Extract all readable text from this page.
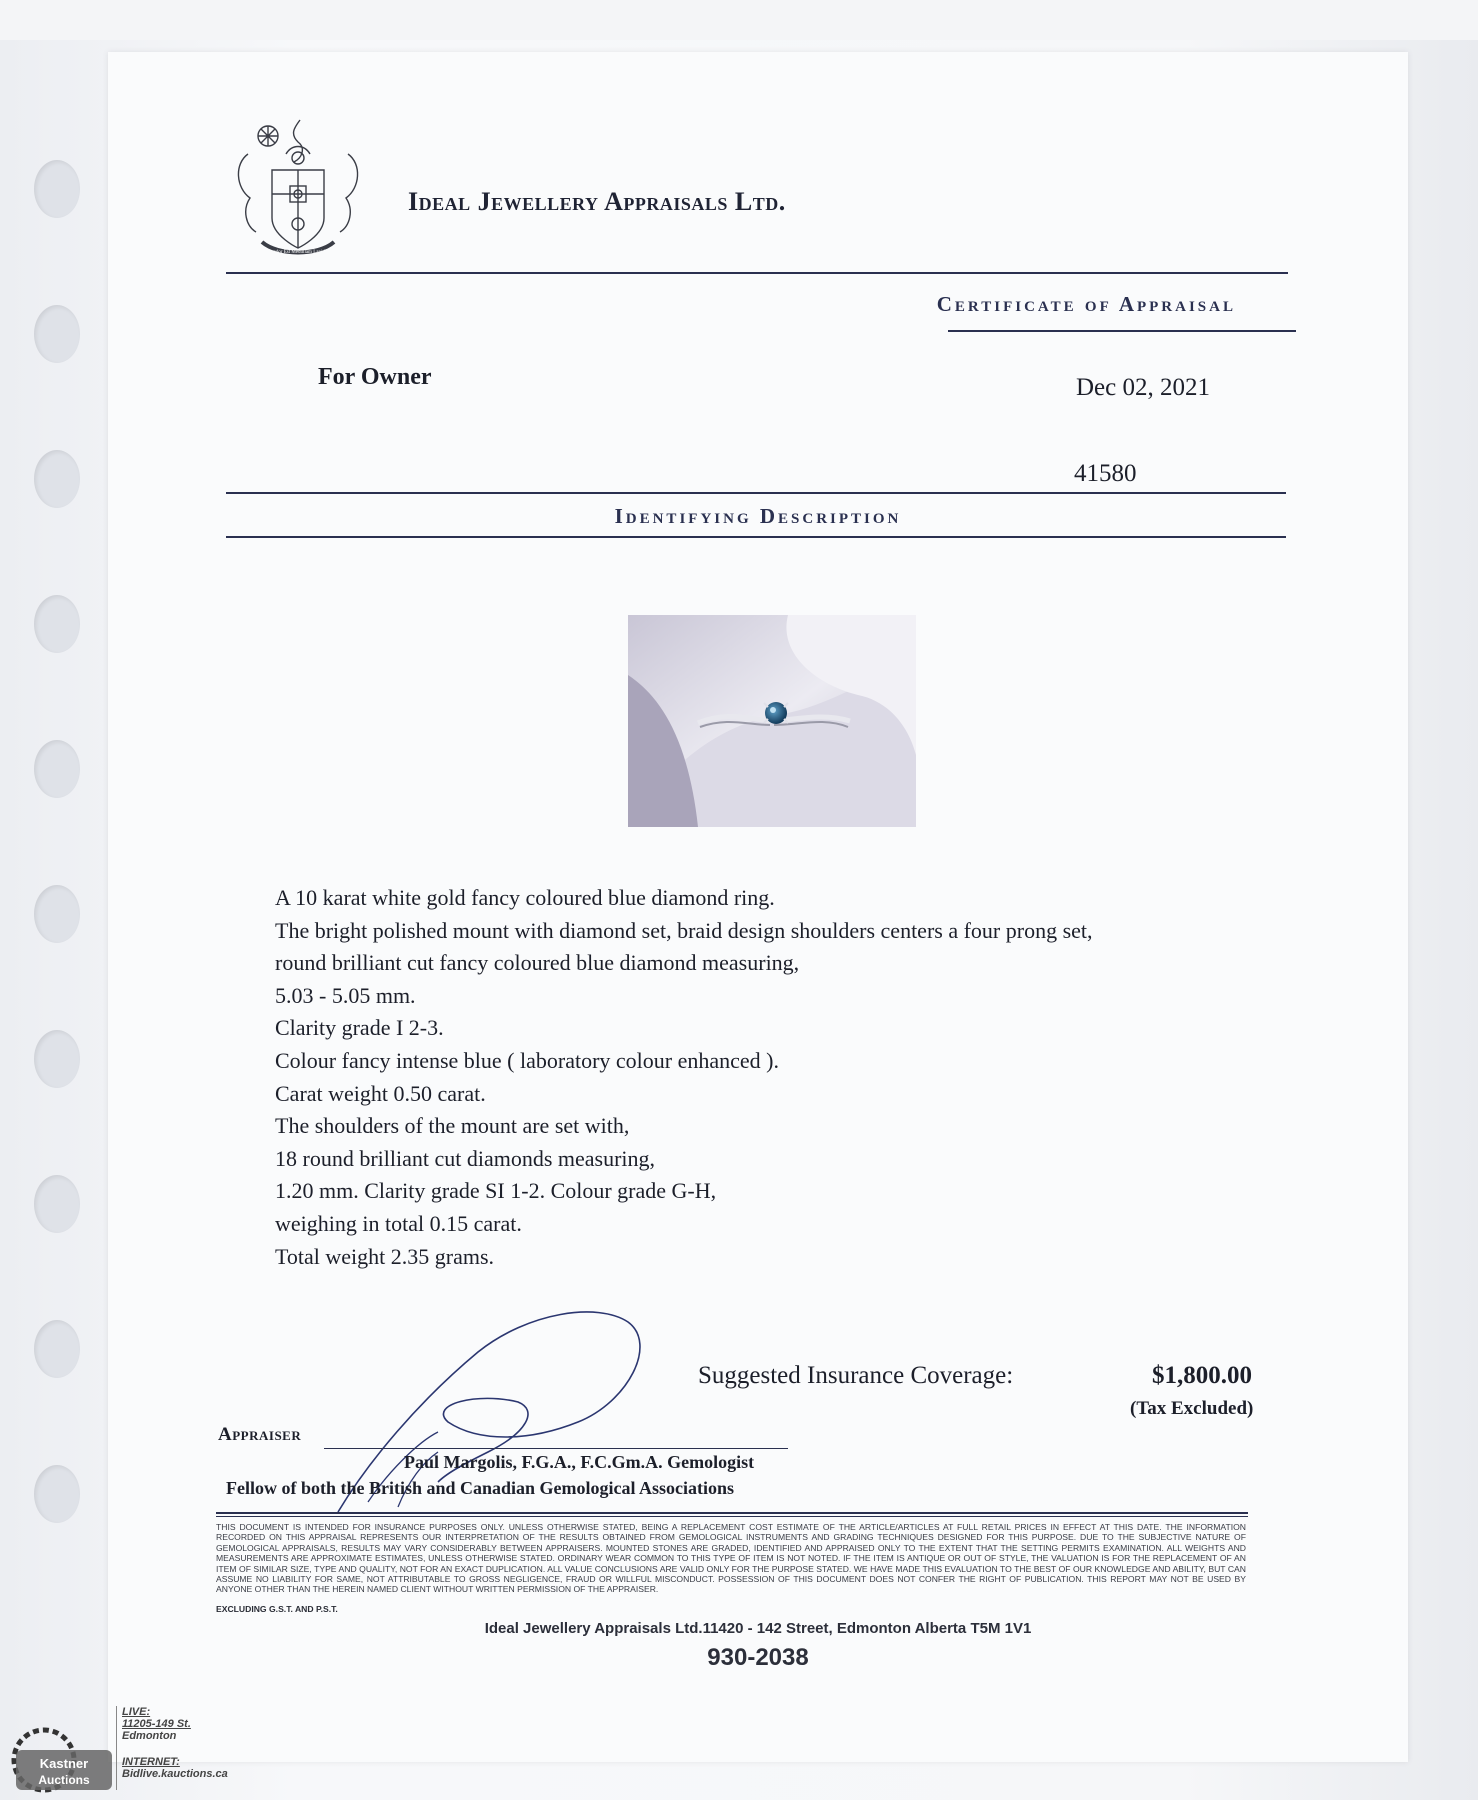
Candor Est Medullam Lapidis
Ideal Jewellery Appraisals Ltd.
Certificate of Appraisal
For Owner	Dec 02, 2021
41580
Identifying Description
A 10 karat white gold fancy coloured blue diamond ring.
The bright polished mount with diamond set, braid design shoulders centers a four prong set,
round brilliant cut fancy coloured blue diamond measuring,
5.03 - 5.05 mm.
Clarity grade I 2-3.
Colour fancy intense blue ( laboratory colour enhanced ).
Carat weight 0.50 carat.
The shoulders of the mount are set with,
18 round brilliant cut diamonds measuring,
1.20 mm. Clarity grade SI 1-2. Colour grade G-H,
weighing in total 0.15 carat.
Total weight 2.35 grams.
Suggested Insurance Coverage:	$1,800.00
(Tax Excluded)
Appraiser
Paul Margolis, F.G.A., F.C.Gm.A. Gemologist
Fellow of both the British and Canadian Gemological Associations
THIS DOCUMENT IS INTENDED FOR INSURANCE PURPOSES ONLY. UNLESS OTHERWISE STATED, BEING A REPLACEMENT COST ESTIMATE OF THE ARTICLE/ARTICLES AT FULL RETAIL PRICES IN EFFECT AT THIS DATE. THE INFORMATION RECORDED ON THIS APPRAISAL REPRESENTS OUR INTERPRETATION OF THE RESULTS OBTAINED FROM GEMOLOGICAL INSTRUMENTS AND GRADING TECHNIQUES DESIGNED FOR THIS PURPOSE. DUE TO THE SUBJECTIVE NATURE OF GEMOLOGICAL APPRAISALS, RESULTS MAY VARY CONSIDERABLY BETWEEN APPRAISERS. MOUNTED STONES ARE GRADED, IDENTIFIED AND APPRAISED ONLY TO THE EXTENT THAT THE SETTING PERMITS EXAMINATION. ALL WEIGHTS AND MEASUREMENTS ARE APPROXIMATE ESTIMATES, UNLESS OTHERWISE STATED. ORDINARY WEAR COMMON TO THIS TYPE OF ITEM IS NOT NOTED. IF THE ITEM IS ANTIQUE OR OUT OF STYLE, THE VALUATION IS FOR THE REPLACEMENT OF AN ITEM OF SIMILAR SIZE, TYPE AND QUALITY, NOT FOR AN EXACT DUPLICATION. ALL VALUE CONCLUSIONS ARE VALID ONLY FOR THE PURPOSE STATED. WE HAVE MADE THIS EVALUATION TO THE BEST OF OUR KNOWLEDGE AND ABILITY, BUT CAN ASSUME NO LIABILITY FOR SAME, NOT ATTRIBUTABLE TO GROSS NEGLIGENCE, FRAUD OR WILLFUL MISCONDUCT. POSSESSION OF THIS DOCUMENT DOES NOT CONFER THE RIGHT OF PUBLICATION. THIS REPORT MAY NOT BE USED BY ANYONE OTHER THAN THE HEREIN NAMED CLIENT WITHOUT WRITTEN PERMISSION OF THE APPRAISER.
EXCLUDING G.S.T. AND P.S.T.
Ideal Jewellery Appraisals Ltd.11420 - 142 Street, Edmonton Alberta T5M 1V1
930-2038
Kastner
Auctions
LIVE:
11205-149 St.
Edmonton
INTERNET:
Bidlive.kauctions.ca
